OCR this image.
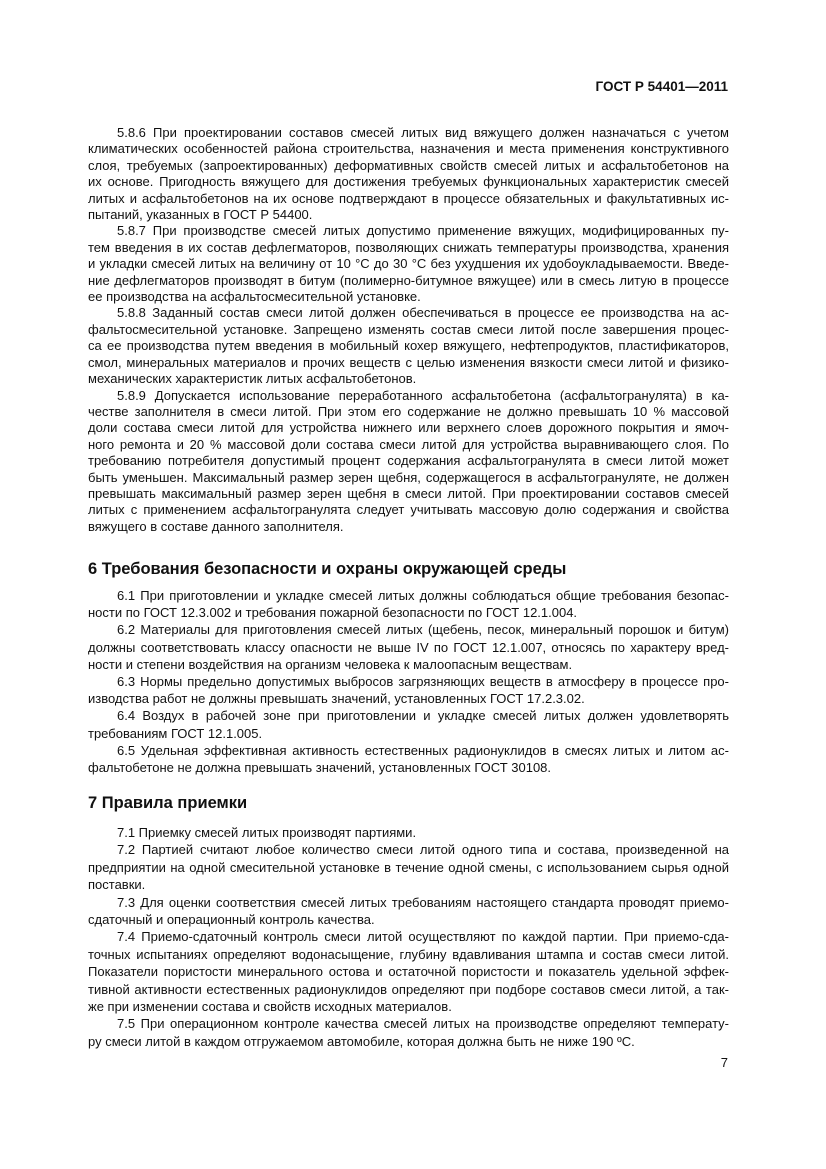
ГОСТ Р 54401—2011
5.8.6 При проектировании составов смесей литых вид вяжущего должен назначаться с учетом
климатических особенностей района строительства, назначения и места применения конструктивного
слоя, требуемых (запроектированных) деформативных свойств смесей литых и асфальтобетонов на
их основе. Пригодность вяжущего для достижения требуемых функциональных характеристик смесей
литых и асфальтобетонов на их основе подтверждают в процессе обязательных и факультативных ис-
пытаний, указанных в ГОСТ Р 54400.
5.8.7 При производстве смесей литых допустимо применение вяжущих, модифицированных пу-
тем введения в их состав дефлегматоров, позволяющих снижать температуры производства, хранения
и укладки смесей литых на величину от 10 °С до 30 °С без ухудшения их удобоукладываемости. Введе-
ние дефлегматоров производят в битум (полимерно-битумное вяжущее) или в смесь литую в процессе
ее производства на асфальтосмесительной установке.
5.8.8 Заданный состав смеси литой должен обеспечиваться в процессе ее производства на ас-
фальтосмесительной установке. Запрещено изменять состав смеси литой после завершения процес-
са ее производства путем введения в мобильный кохер вяжущего, нефтепродуктов, пластификаторов,
смол, минеральных материалов и прочих веществ с целью изменения вязкости смеси литой и физико-
механических характеристик литых асфальтобетонов.
5.8.9 Допускается использование переработанного асфальтобетона (асфальтогранулята) в ка-
честве заполнителя в смеси литой. При этом его содержание не должно превышать 10 % массовой
доли состава смеси литой для устройства нижнего или верхнего слоев дорожного покрытия и ямоч-
ного ремонта и 20 % массовой доли состава смеси литой для устройства выравнивающего слоя. По
требованию потребителя допустимый процент содержания асфальтогранулята в смеси литой может
быть уменьшен. Максимальный размер зерен щебня, содержащегося в асфальтогрануляте, не должен
превышать максимальный размер зерен щебня в смеси литой. При проектировании составов смесей
литых с применением асфальтогранулята следует учитывать массовую долю содержания и свойства
вяжущего в составе данного заполнителя.
6 Требования безопасности и охраны окружающей среды
6.1 При приготовлении и укладке смесей литых должны соблюдаться общие требования безопас-
ности по ГОСТ 12.3.002 и требования пожарной безопасности по ГОСТ 12.1.004.
6.2 Материалы для приготовления смесей литых (щебень, песок, минеральный порошок и битум)
должны соответствовать классу опасности не выше IV по ГОСТ 12.1.007, относясь по характеру вред-
ности и степени воздействия на организм человека к малоопасным веществам.
6.3 Нормы предельно допустимых выбросов загрязняющих веществ в атмосферу в процессе про-
изводства работ не должны превышать значений, установленных ГОСТ 17.2.3.02.
6.4 Воздух в рабочей зоне при приготовлении и укладке смесей литых должен удовлетворять
требованиям ГОСТ 12.1.005.
6.5 Удельная эффективная активность естественных радионуклидов в смесях литых и литом ас-
фальтобетоне не должна превышать значений, установленных ГОСТ 30108.
7 Правила приемки
7.1 Приемку смесей литых производят партиями.
7.2 Партией считают любое количество смеси литой одного типа и состава, произведенной на
предприятии на одной смесительной установке в течение одной смены, с использованием сырья одной
поставки.
7.3 Для оценки соответствия смесей литых требованиям настоящего стандарта проводят приемо-
сдаточный и операционный контроль качества.
7.4 Приемо-сдаточный контроль смеси литой осуществляют по каждой партии. При приемо-сда-
точных испытаниях определяют водонасыщение, глубину вдавливания штампа и состав смеси литой.
Показатели пористости минерального остова и остаточной пористости и показатель удельной эффек-
тивной активности естественных радионуклидов определяют при подборе составов смеси литой, а так-
же при изменении состава и свойств исходных материалов.
7.5 При операционном контроле качества смесей литых на производстве определяют температу-
ру смеси литой в каждом отгружаемом автомобиле, которая должна быть не ниже 190 ºС.
7
